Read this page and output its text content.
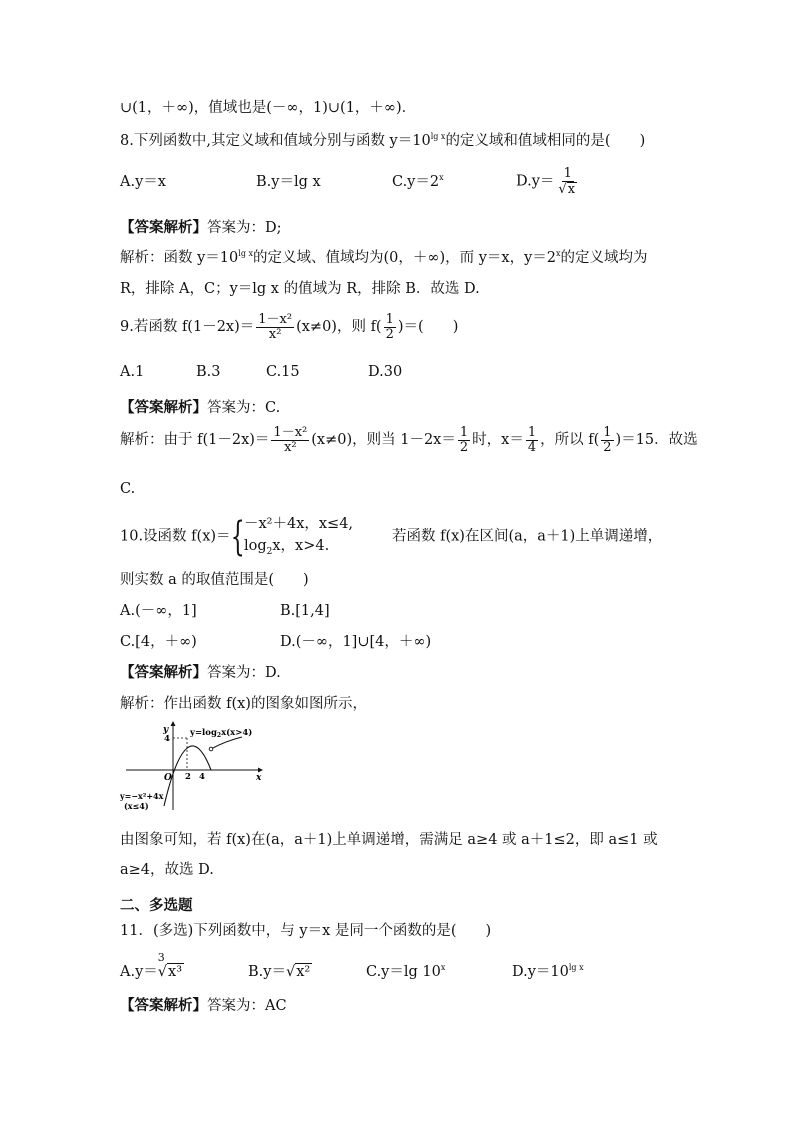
∪(1，＋∞)，值域也是(－∞，1)∪(1，＋∞)．
8.下列函数中,其定义域和值域分别与函数 $y=10^{lg x}$的定义域和值域相同的是(　　)
A.y＝x	B.y＝lg x	$C.y=2^x$	$D.y= \frac{1}{√ x}$
【答案解析】答案为：D;
解析：函数 $y=10^{lg x}$的定义域、值域均为(0，＋∞)，而 y＝x，$y=2^x$的定义域均为
R，排除 A，C；y＝lg x 的值域为 R，排除 B．故选 D.
9.若函数 $f(1-2x)= \frac{\text{1－x²}}{\text{x²}} (x\ne 0)$，则 $f( \frac{1}{2}$ )＝(　　)
A.1	B.3	C.15	D.30
【答案解析】答案为：C.
解析：由于 $f(1-2x)= \frac{\text{1－x²}}{\text{x²}} (x\ne 0)$，则当 $1-2x= \frac{1}{2}$ 时，$x= \frac{1}{4}$ ，所以 $f( \frac{1}{2} )=15$．故选
C.
10.设函数 f(x)＝{ －x²＋4x，x≤4,
$\log_2x$，x>4.
若函数 f(x)在区间(a，a＋1)上单调递增，
则实数 a 的取值范围是(　　)
A.(－∞，1]	B.[1,4]
C.[4，＋∞)	D.(－∞，1]∪[4，＋∞)
【答案解析】答案为：D.
解析：作出函数 f(x)的图象如图所示，
y
x
O
4
2 4
$y=\log_2x(x>4)$
y=−x²+4x
(x≤4)
由图象可知，若 f(x)在(a，a＋1)上单调递增，需满足 a≥4 或 a＋1≤2，即 a≤1 或
a≥4，故选 D.
二、多选题
11．(多选)下列函数中，与 y＝x 是同一个函数的是(　　)
A.y＝
3
√ x³	B.y＝√ x²	C.y＝lg 10$^x$	$D.y=10^{lg x}$
【答案解析】答案为：AC
